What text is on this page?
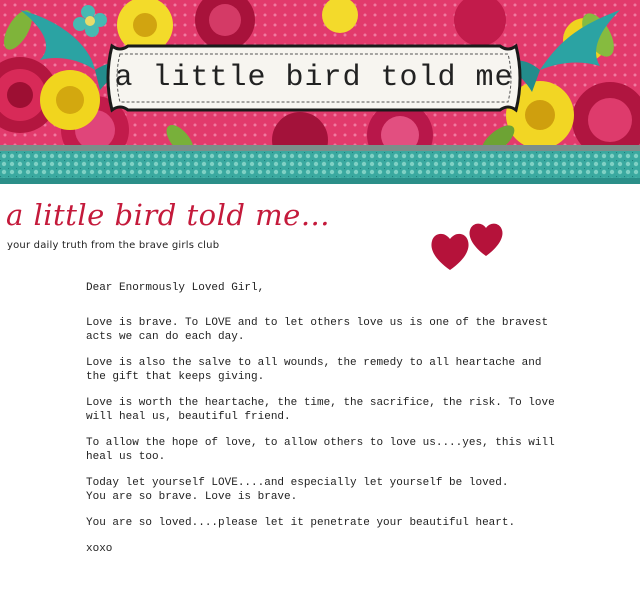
a little bird told me
a little bird told me...
your daily truth from the brave girls club

Dear Enormously Loved Girl,

Love is brave. To LOVE and to let others love us is one of the bravest
acts we can do each day.

Love is also the salve to all wounds, the remedy to all heartache and
the gift that keeps giving.

Love is worth the heartache, the time, the sacrifice, the risk. To love
will heal us, beautiful friend.

To allow the hope of love, to allow others to love us....yes, this will
heal us too.

Today let yourself LOVE....and especially let yourself be loved.
You are so brave. Love is brave.

You are so loved....please let it penetrate your beautiful heart.

xoxo
